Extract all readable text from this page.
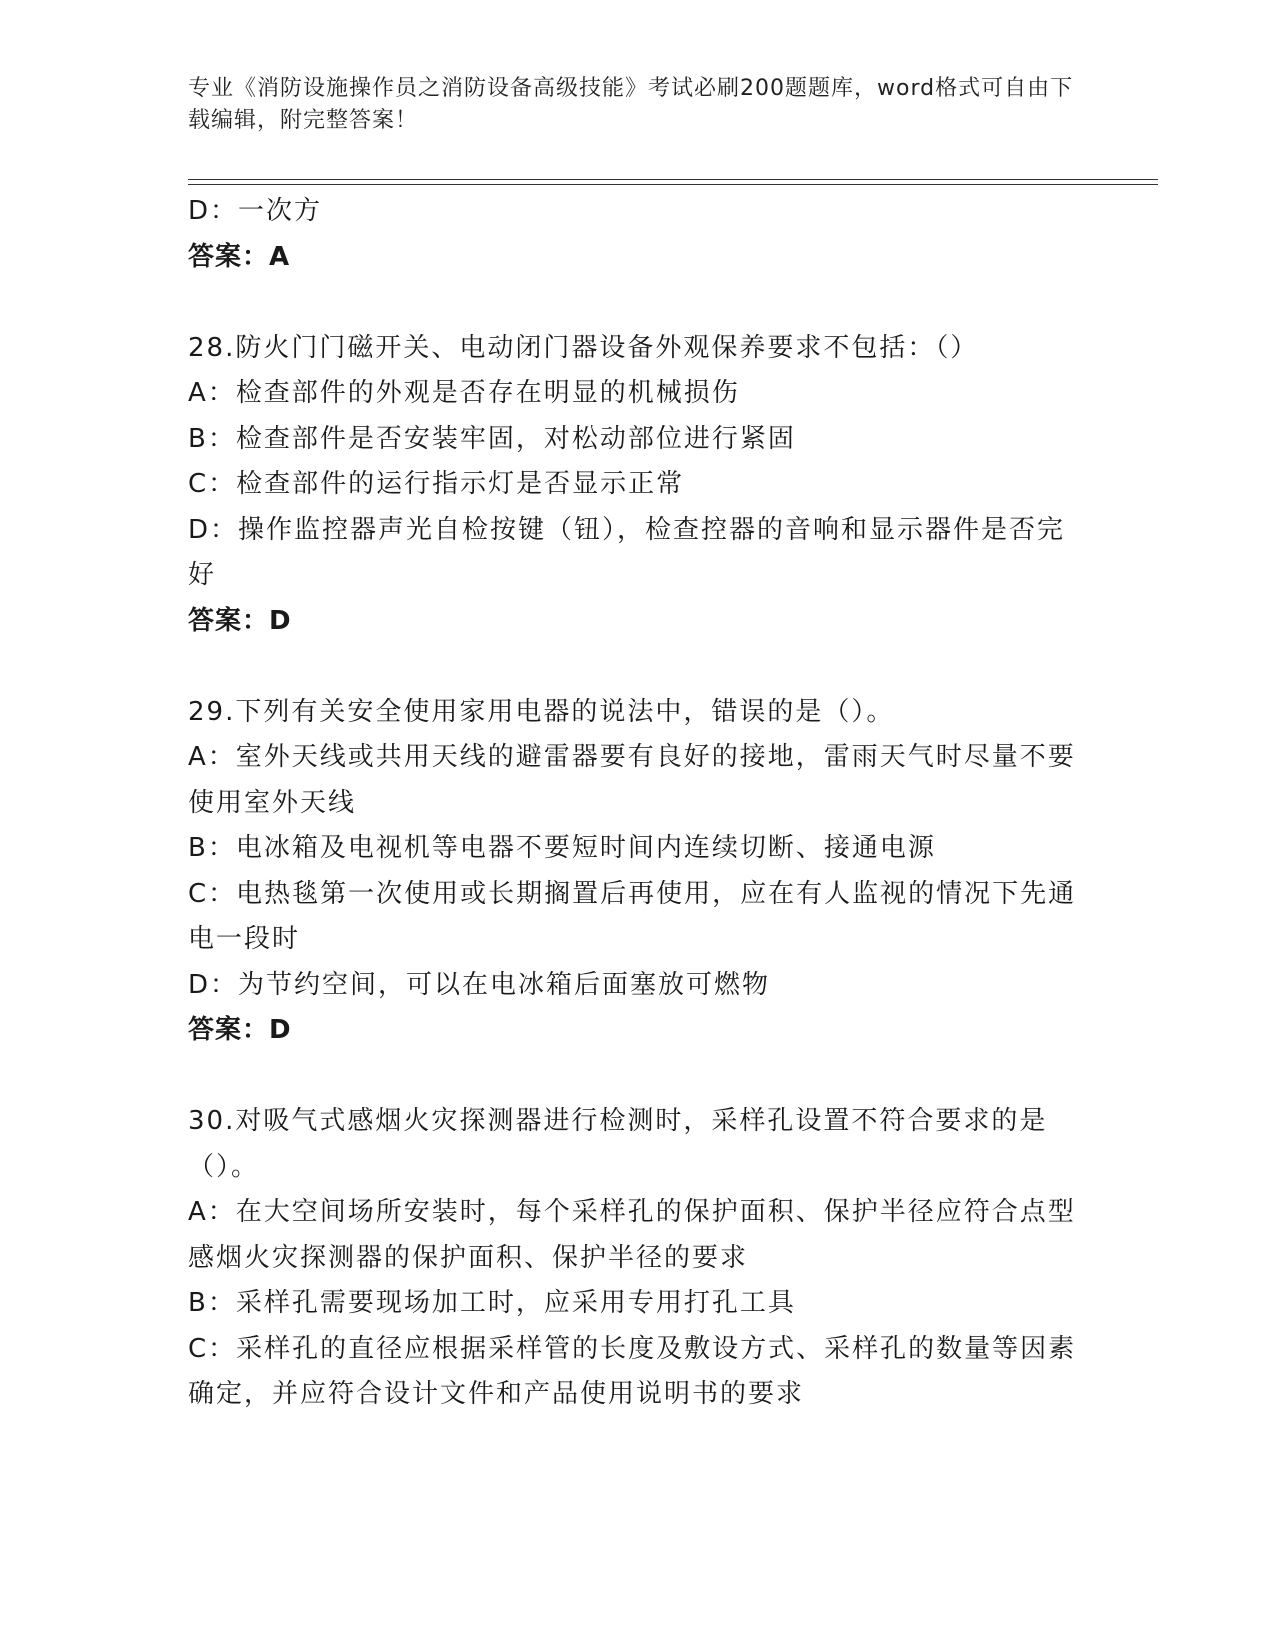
专业《消防设施操作员之消防设备高级技能》考试必刷200题题库，word格式可自由下载编辑，附完整答案！

D：一次方

答案：A

28.防火门门磁开关、电动闭门器设备外观保养要求不包括：（）

A：检查部件的外观是否存在明显的机械损伤

B：检查部件是否安装牢固，对松动部位进行紧固

C：检查部件的运行指示灯是否显示正常

D：操作监控器声光自检按键（钮），检查控器的音响和显示器件是否完好

答案：D

29.下列有关安全使用家用电器的说法中，错误的是（）。

A：室外天线或共用天线的避雷器要有良好的接地，雷雨天气时尽量不要使用室外天线

B：电冰箱及电视机等电器不要短时间内连续切断、接通电源

C：电热毯第一次使用或长期搁置后再使用，应在有人监视的情况下先通电一段时

D：为节约空间，可以在电冰箱后面塞放可燃物

答案：D

30.对吸气式感烟火灾探测器进行检测时，采样孔设置不符合要求的是（）。

A：在大空间场所安装时，每个采样孔的保护面积、保护半径应符合点型感烟火灾探测器的保护面积、保护半径的要求

B：采样孔需要现场加工时，应采用专用打孔工具

C：采样孔的直径应根据采样管的长度及敷设方式、采样孔的数量等因素确定，并应符合设计文件和产品使用说明书的要求
